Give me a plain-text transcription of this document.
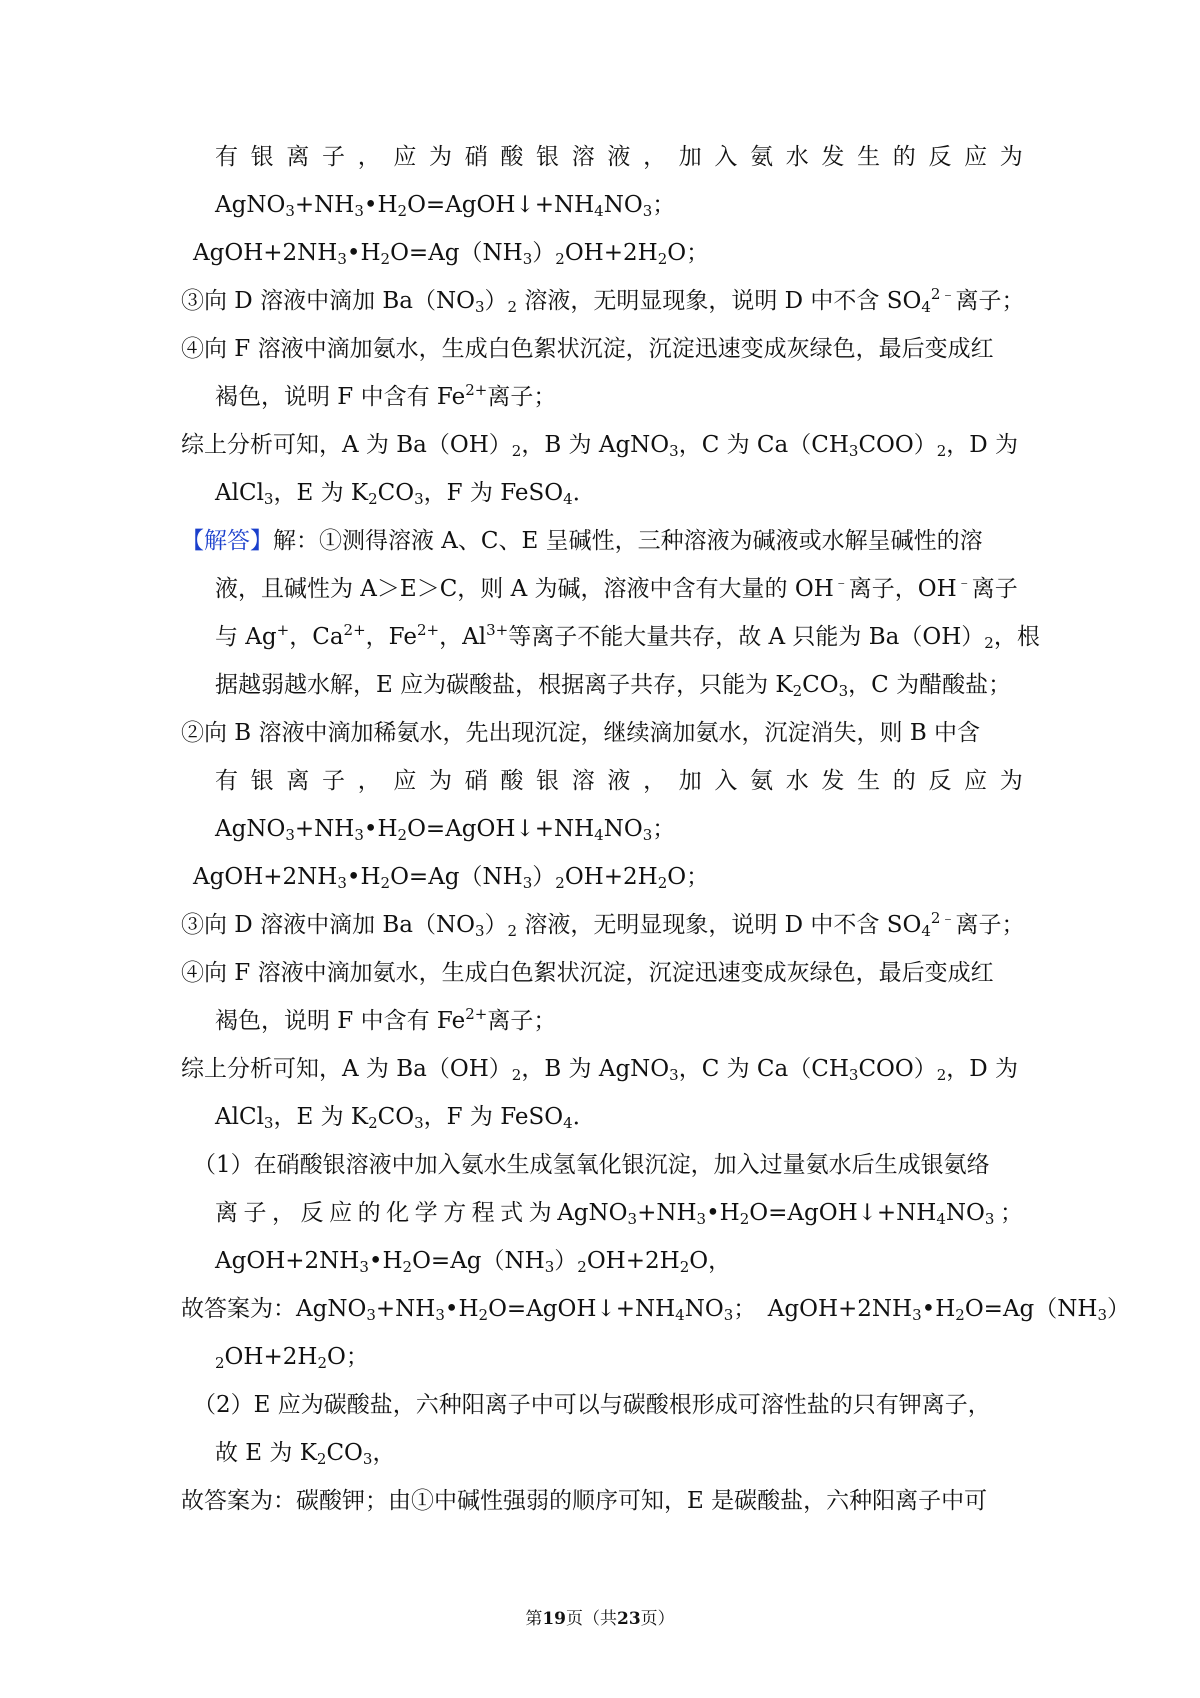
有 银 离 子 ， 应 为 硝 酸 银 溶 液 ， 加 入 氨 水 发 生 的 反 应 为
$AgNO_3+NH_3•H_2O=AgOH↓+NH_4NO_3$；
$AgOH+2NH_3•H_2O=Ag(NH_3)_2OH+2H_2O$；
③向 D 溶液中滴加 $Ba(NO_3)_2$ 溶液，无明显现象，说明 D 中不含 $SO_4^{2﹣}$离子；
④向 F 溶液中滴加氨水，生成白色絮状沉淀，沉淀迅速变成灰绿色，最后变成红
褐色，说明 F 中含有 $Fe^{2+}$离子；
综上分析可知，A 为 $Ba(OH)_2$，B 为 AgNO$_3$，C 为 $Ca(CH_3COO)_2$，D 为
AlCl$_3$，E 为 $K_2CO_3$，F 为 FeSO$_4$．
【解答】解：①测得溶液 A、C、E 呈碱性，三种溶液为碱液或水解呈碱性的溶
液，且碱性为 A＞E＞C，则 A 为碱，溶液中含有大量的 OH﹣离子，OH﹣离子
与 Ag+，$Ca^{2+}$，$Fe^{2+}$，$Al^{3+}$等离子不能大量共存，故 A 只能为 $Ba(OH)_2$，根
据越弱越水解，E 应为碳酸盐，根据离子共存，只能为 $K_2CO_3$，C 为醋酸盐；
②向 B 溶液中滴加稀氨水，先出现沉淀，继续滴加氨水，沉淀消失，则 B 中含
有 银 离 子 ， 应 为 硝 酸 银 溶 液 ， 加 入 氨 水 发 生 的 反 应 为
$AgNO_3+NH_3•H_2O=AgOH↓+NH_4NO_3$；
$AgOH+2NH_3•H_2O=Ag(NH_3)_2OH+2H_2O$；
③向 D 溶液中滴加 $Ba(NO_3)_2$ 溶液，无明显现象，说明 D 中不含 $SO_4^{2﹣}$离子；
④向 F 溶液中滴加氨水，生成白色絮状沉淀，沉淀迅速变成灰绿色，最后变成红
褐色，说明 F 中含有 $Fe^{2+}$离子；
综上分析可知，A 为 $Ba(OH)_2$，B 为 AgNO$_3$，C 为 $Ca(CH_3COO)_2$，D 为
AlCl$_3$，E 为 $K_2CO_3$，F 为 FeSO$_4$．
（1）在硝酸银溶液中加入氨水生成氢氧化银沉淀，加入过量氨水后生成银氨络
离 子 ， 反 应 的 化 学 方 程 式 为 $AgNO_3+NH_3•H_2O=AgOH↓+NH_4NO_3$ ；
$AgOH+2NH_3•H_2O=Ag(NH_3)_2OH+2H_2O$，
故答案为：$AgNO_3+NH_3•H_2O=AgOH↓+NH_4NO_3$；　$AgOH+2NH_3•H_2O=Ag(NH_3)$
$_2OH+2H_2O$；
（2）E 应为碳酸盐，六种阳离子中可以与碳酸根形成可溶性盐的只有钾离子，
故 E 为 $K_2CO_3$，
故答案为：碳酸钾；由①中碱性强弱的顺序可知，E 是碳酸盐，六种阳离子中可
第19页（共23页）
